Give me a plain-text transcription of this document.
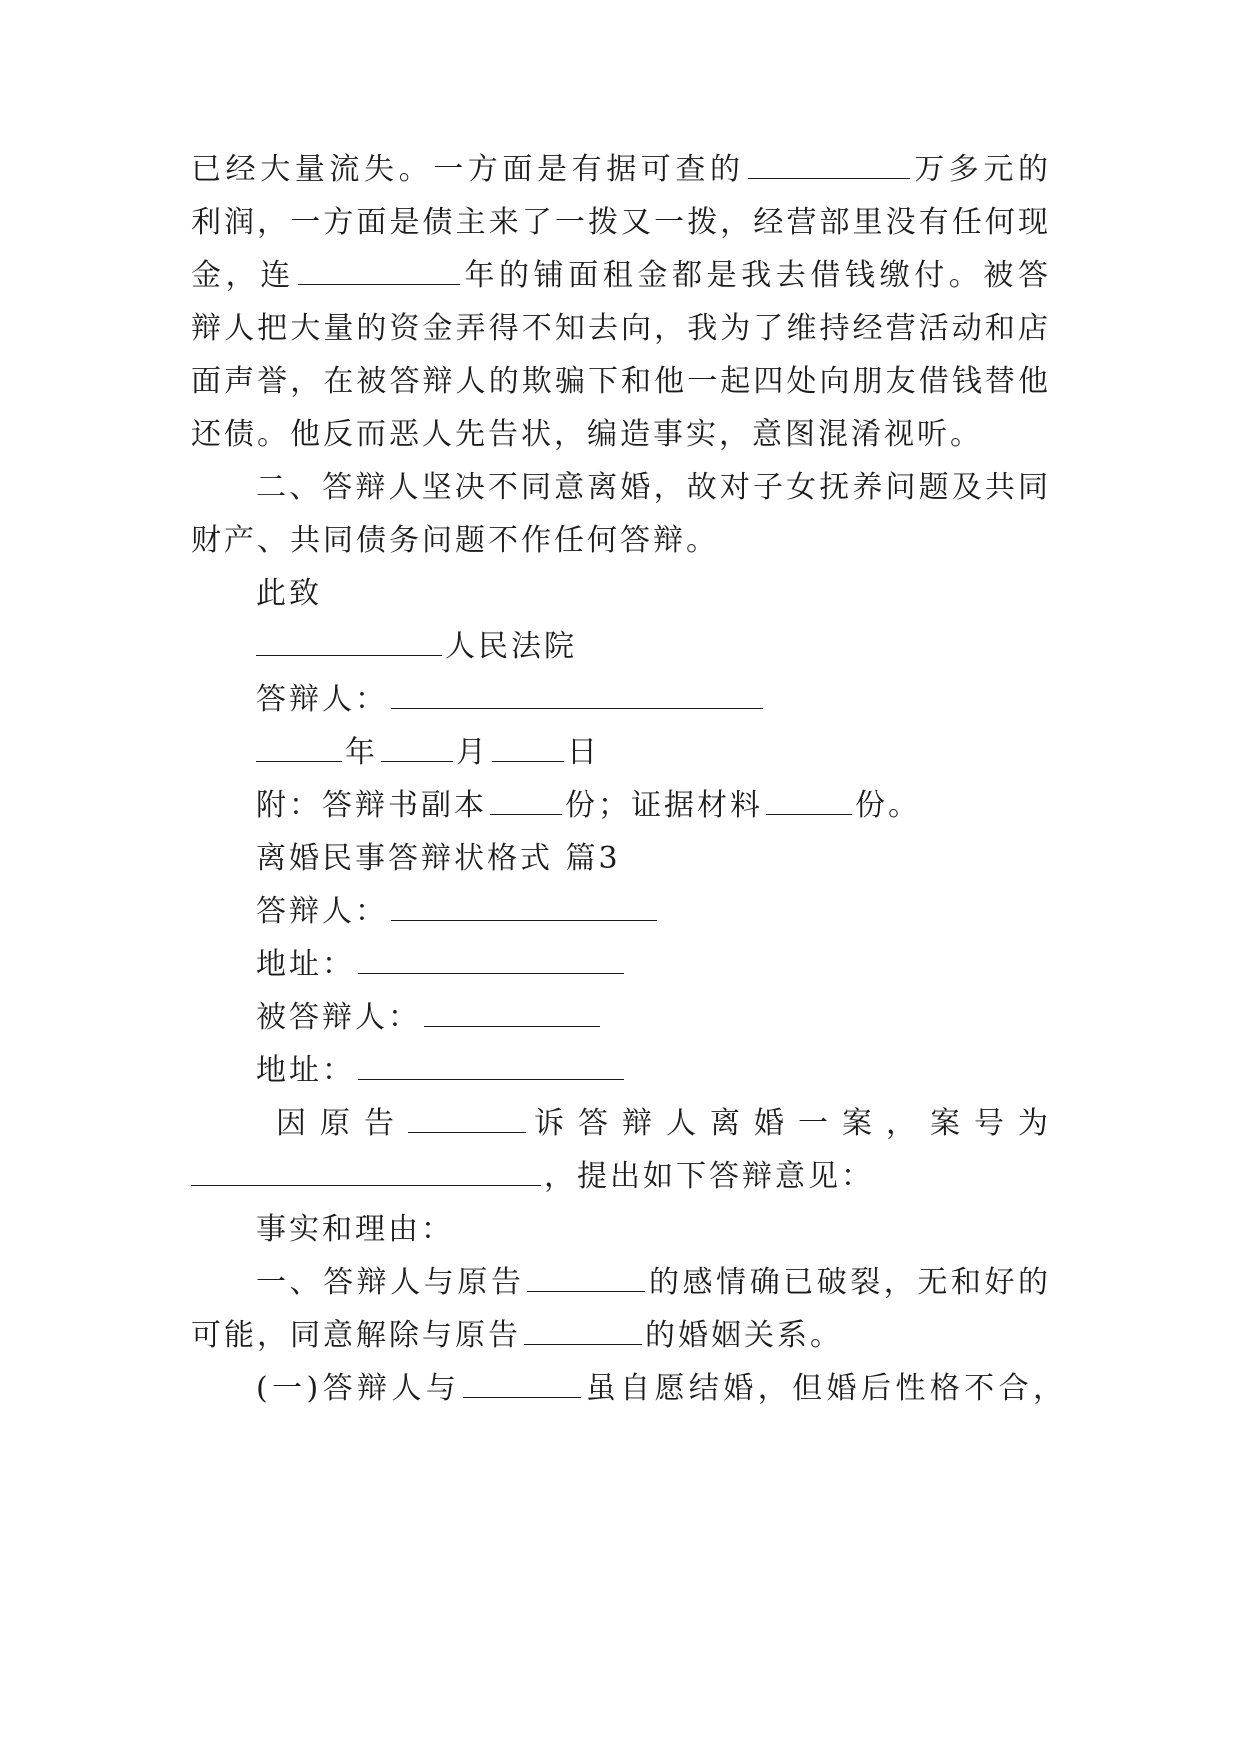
已经大量流失。一方面是有据可查的	万多元的
利润，一方面是债主来了一拨又一拨，经营部里没有任何现
金，连	年的铺面租金都是我去借钱缴付。被答
辩人把大量的资金弄得不知去向，我为了维持经营活动和店
面声誉，在被答辩人的欺骗下和他一起四处向朋友借钱替他
还债。他反而恶人先告状，编造事实，意图混淆视听。
二、答辩人坚决不同意离婚，故对子女抚养问题及共同
财产、共同债务问题不作任何答辩。
此致
人民法院
答辩人：
年	月	日
附：答辩书副本	份；证据材料	份。
离婚民事答辩状格式 篇3
答辩人：
地址：
被答辩人：
地址：
因原告	诉答辩人离婚一案，案号为
，提出如下答辩意见：
事实和理由：
一、答辩人与原告	的感情确已破裂，无和好的
可能，同意解除与原告	的婚姻关系。
(一)答辩人与	虽自愿结婚，但婚后性格不合，
